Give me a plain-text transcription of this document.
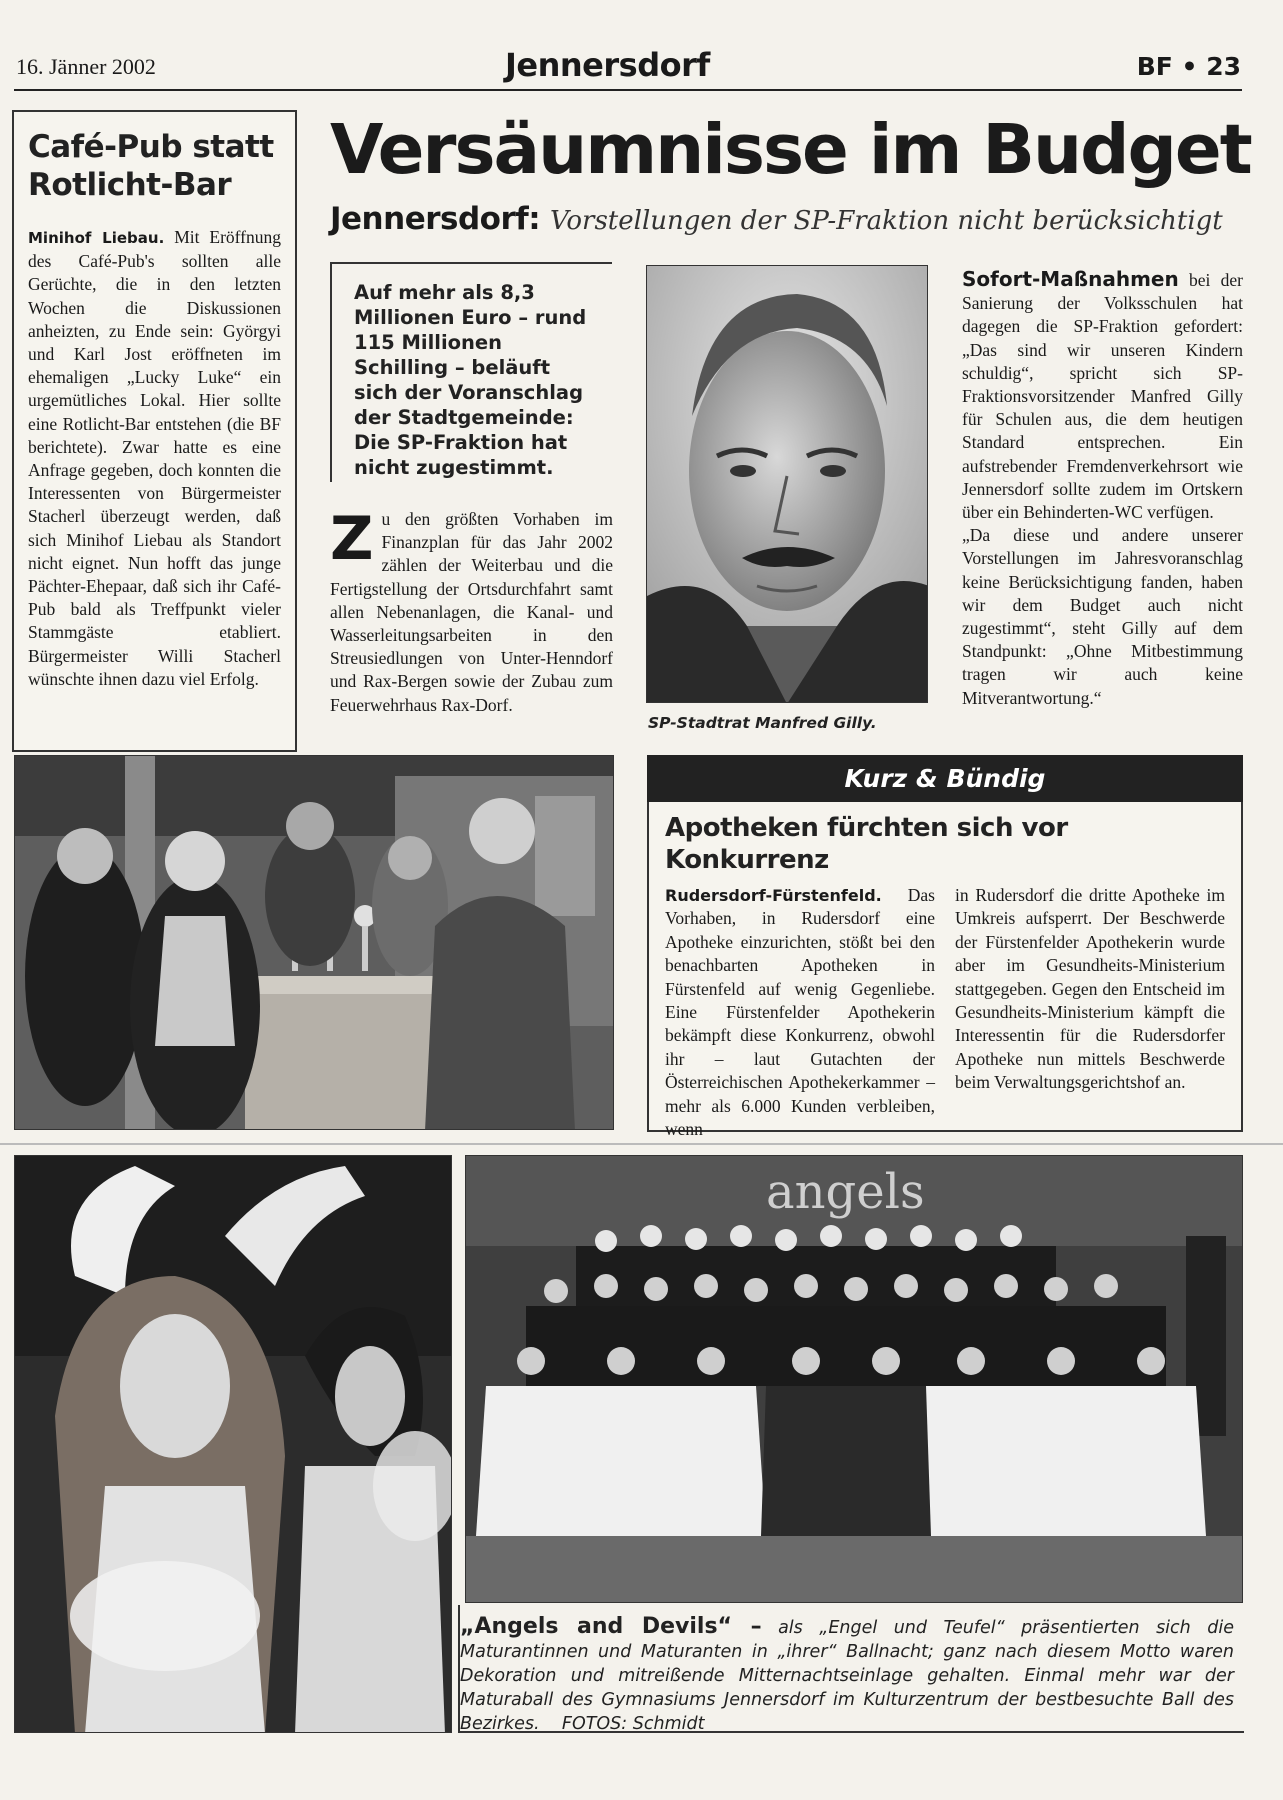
16. Jänner 2002	Jennersdorf	BF • 23
Café-Pub statt Rotlicht-Bar
Minihof Liebau. Mit Eröffnung des Café-Pub's sollten alle Gerüchte, die in den letzten Wochen die Diskussionen anheizten, zu Ende sein: Györgyi und Karl Jost eröffneten im ehemaligen „Lucky Luke“ ein urgemütliches Lokal. Hier sollte eine Rotlicht-Bar entstehen (die BF berichtete). Zwar hatte es eine Anfrage gegeben, doch konnten die Interessenten von Bürgermeister Stacherl überzeugt werden, daß sich Minihof Liebau als Standort nicht eignet. Nun hofft das junge Pächter-Ehepaar, daß sich ihr Café-Pub bald als Treffpunkt vieler Stammgäste etabliert. Bürgermeister Willi Stacherl wünschte ihnen dazu viel Erfolg.
Versäumnisse im Budget
Jennersdorf: Vorstellungen der SP-Fraktion nicht berücksichtigt
Auf mehr als 8,3 Millionen Euro – rund 115 Millionen Schilling – beläuft sich der Voranschlag der Stadtgemeinde: Die SP-Fraktion hat nicht zugestimmt.
Zu den größten Vorhaben im Finanzplan für das Jahr 2002 zählen der Weiterbau und die Fertigstellung der Ortsdurchfahrt samt allen Nebenanlagen, die Kanal- und Wasserleitungsarbeiten in den Streusiedlungen von Unter-Henndorf und Rax-Bergen sowie der Zubau zum Feuerwehrhaus Rax-Dorf.
SP-Stadtrat Manfred Gilly.
Sofort-Maßnahmen bei der Sanierung der Volksschulen hat dagegen die SP-Fraktion gefordert: „Das sind wir unseren Kindern schuldig“, spricht sich SP-Fraktionsvorsitzender Manfred Gilly für Schulen aus, die dem heutigen Standard entsprechen. Ein aufstrebender Fremdenverkehrsort wie Jennersdorf sollte zudem im Ortskern über ein Behinderten-WC verfügen.
„Da diese und andere unserer Vorstellungen im Jahresvoranschlag keine Berücksichtigung fanden, haben wir dem Budget auch nicht zugestimmt“, steht Gilly auf dem Standpunkt: „Ohne Mitbestimmung tragen wir auch keine Mitverantwortung.“
Kurz & Bündig
Apotheken fürchten sich vor Konkurrenz
Rudersdorf-Fürstenfeld. Das Vorhaben, in Rudersdorf eine Apotheke einzurichten, stößt bei den benachbarten Apotheken in Fürstenfeld auf wenig Gegenliebe. Eine Fürstenfelder Apothekerin bekämpft diese Konkurrenz, obwohl ihr – laut Gutachten der Österreichischen Apothekerkammer – mehr als 6.000 Kunden verbleiben, wenn
in Rudersdorf die dritte Apotheke im Umkreis aufsperrt. Der Beschwerde der Fürstenfelder Apothekerin wurde aber im Gesundheits-Ministerium stattgegeben. Gegen den Entscheid im Gesundheits-Ministerium kämpft die Interessentin für die Rudersdorfer Apotheke nun mittels Beschwerde beim Verwaltungsgerichtshof an.
angels
„Angels and Devils“ – als „Engel und Teufel“ präsentierten sich die Maturantinnen und Maturanten in „ihrer“ Ballnacht; ganz nach diesem Motto waren Dekoration und mitreißende Mitternachtseinlage gehalten. Einmal mehr war der Maturaball des Gymnasiums Jennersdorf im Kulturzentrum der bestbesuchte Ball des Bezirkes. FOTOS: Schmidt
